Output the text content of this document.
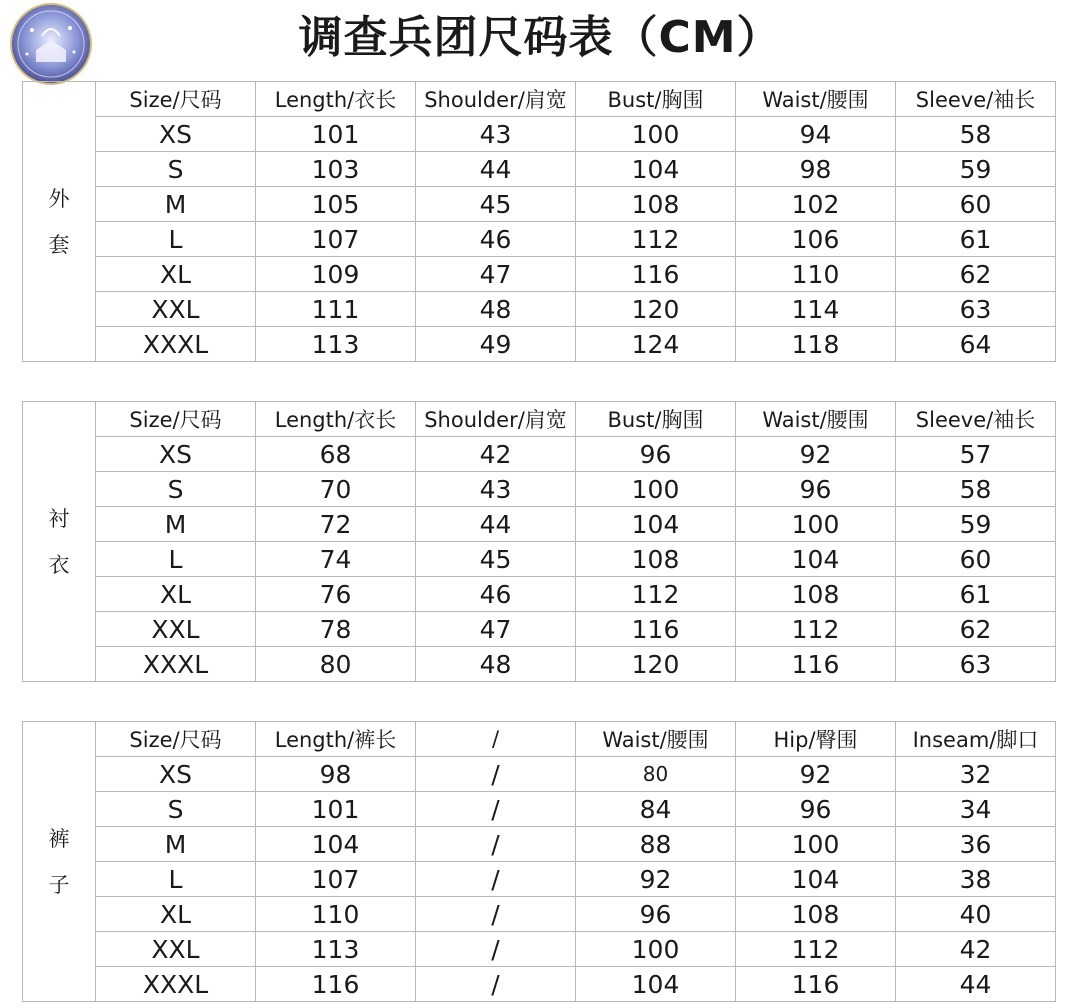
调查兵团尺码表（CM）
外
套	Size/尺码	Length/衣长	Shoulder/肩宽	Bust/胸围	Waist/腰围	Sleeve/袖长
	XS	101	43	100	94	58
	S	103	44	104	98	59
	M	105	45	108	102	60
	L	107	46	112	106	61
	XL	109	47	116	110	62
	XXL	111	48	120	114	63
	XXXL	113	49	124	118	64
衬
衣	Size/尺码	Length/衣长	Shoulder/肩宽	Bust/胸围	Waist/腰围	Sleeve/袖长
	XS	68	42	96	92	57
	S	70	43	100	96	58
	M	72	44	104	100	59
	L	74	45	108	104	60
	XL	76	46	112	108	61
	XXL	78	47	116	112	62
	XXXL	80	48	120	116	63
裤
子	Size/尺码	Length/裤长	/	Waist/腰围	Hip/臀围	Inseam/脚口
	XS	98	/	80	92	32
	S	101	/	84	96	34
	M	104	/	88	100	36
	L	107	/	92	104	38
	XL	110	/	96	108	40
	XXL	113	/	100	112	42
	XXXL	116	/	104	116	44
